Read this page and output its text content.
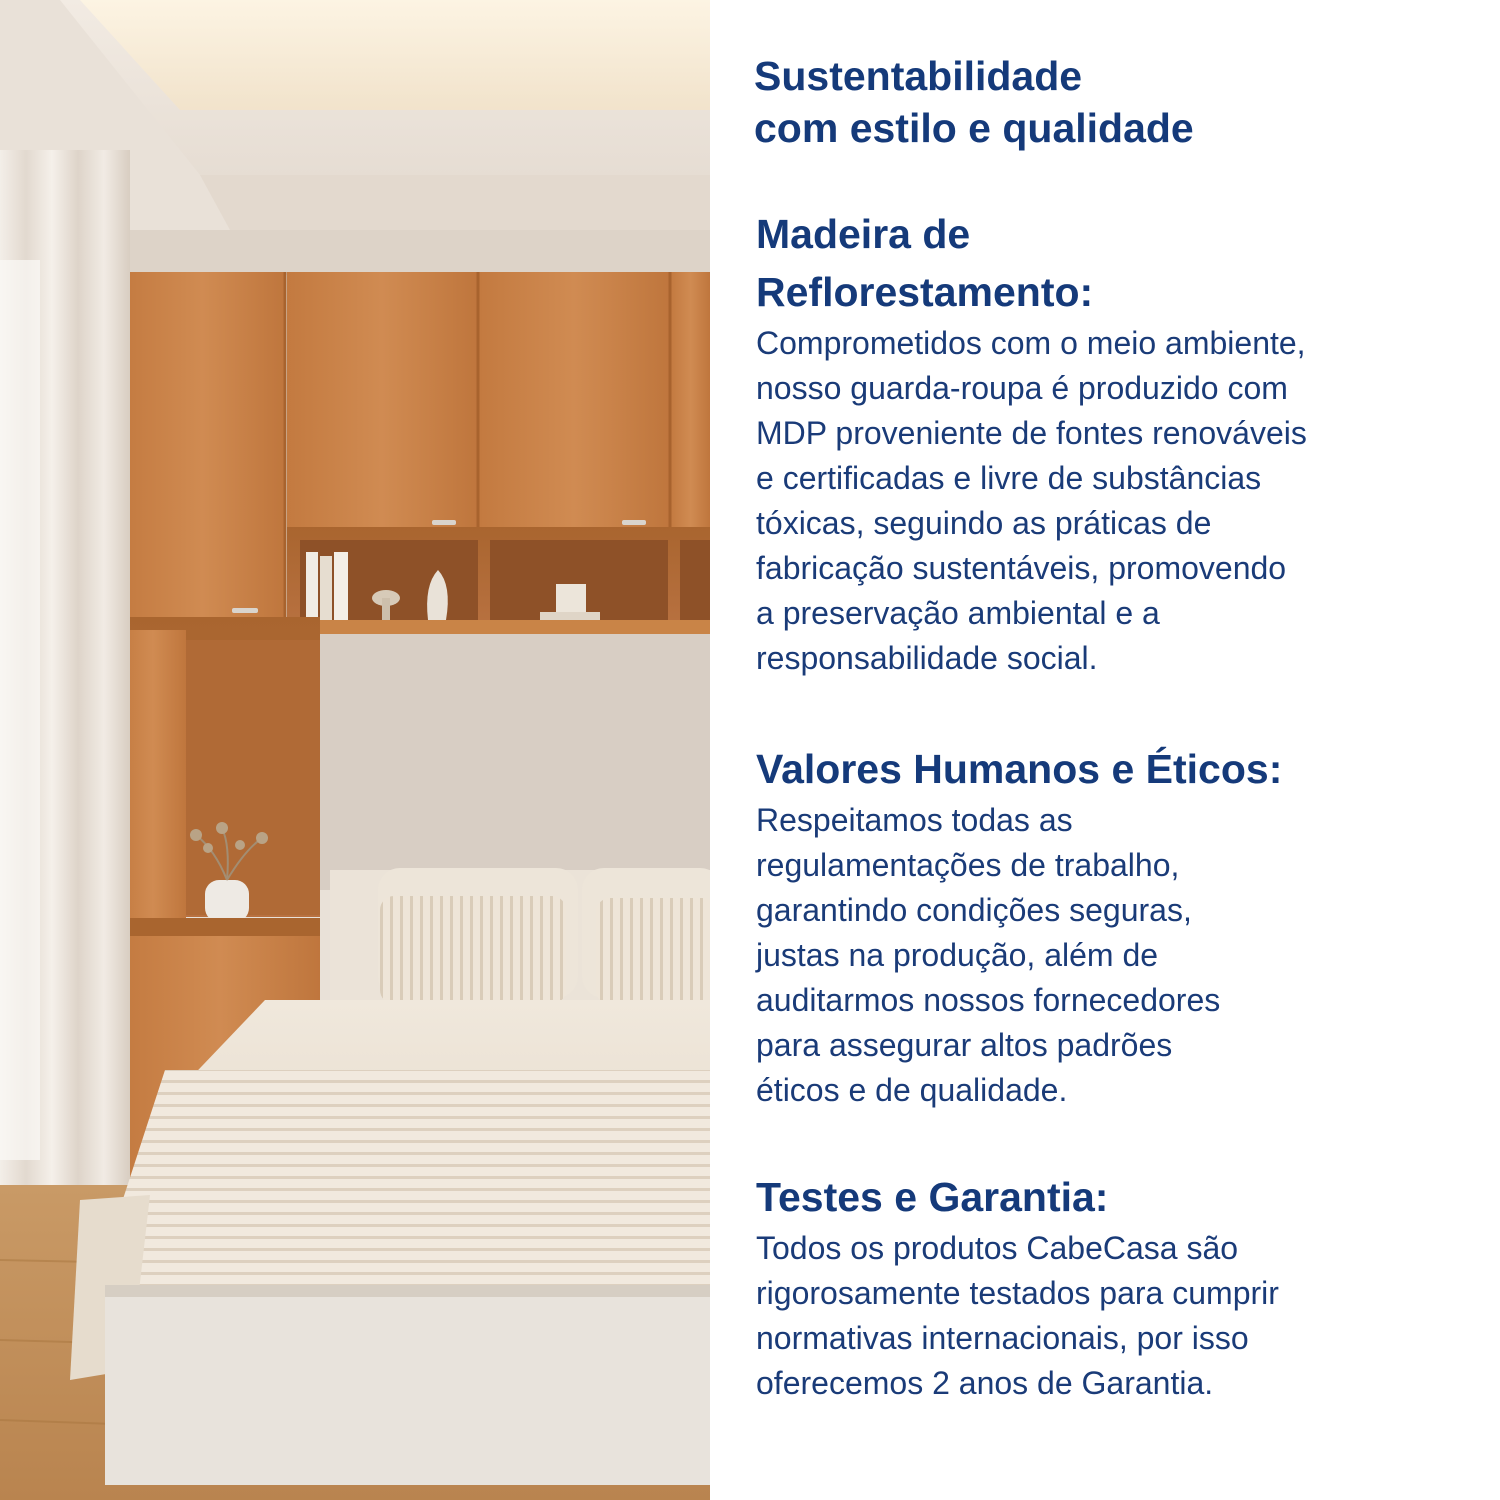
Sustentabilidade
com estilo e qualidade
Madeira de
Reflorestamento:
Comprometidos com o meio ambiente,
nosso guarda-roupa é produzido com
MDP proveniente de fontes renováveis
e certificadas e livre de substâncias
tóxicas, seguindo as práticas de
fabricação sustentáveis, promovendo
a preservação ambiental e a
responsabilidade social.
Valores Humanos e Éticos:
Respeitamos todas as
regulamentações de trabalho,
garantindo condições seguras,
justas na produção, além de
auditarmos nossos fornecedores
para assegurar altos padrões
éticos e de qualidade.
Testes e Garantia:
Todos os produtos CabeCasa são
rigorosamente testados para cumprir
normativas internacionais, por isso
oferecemos 2 anos de Garantia.
